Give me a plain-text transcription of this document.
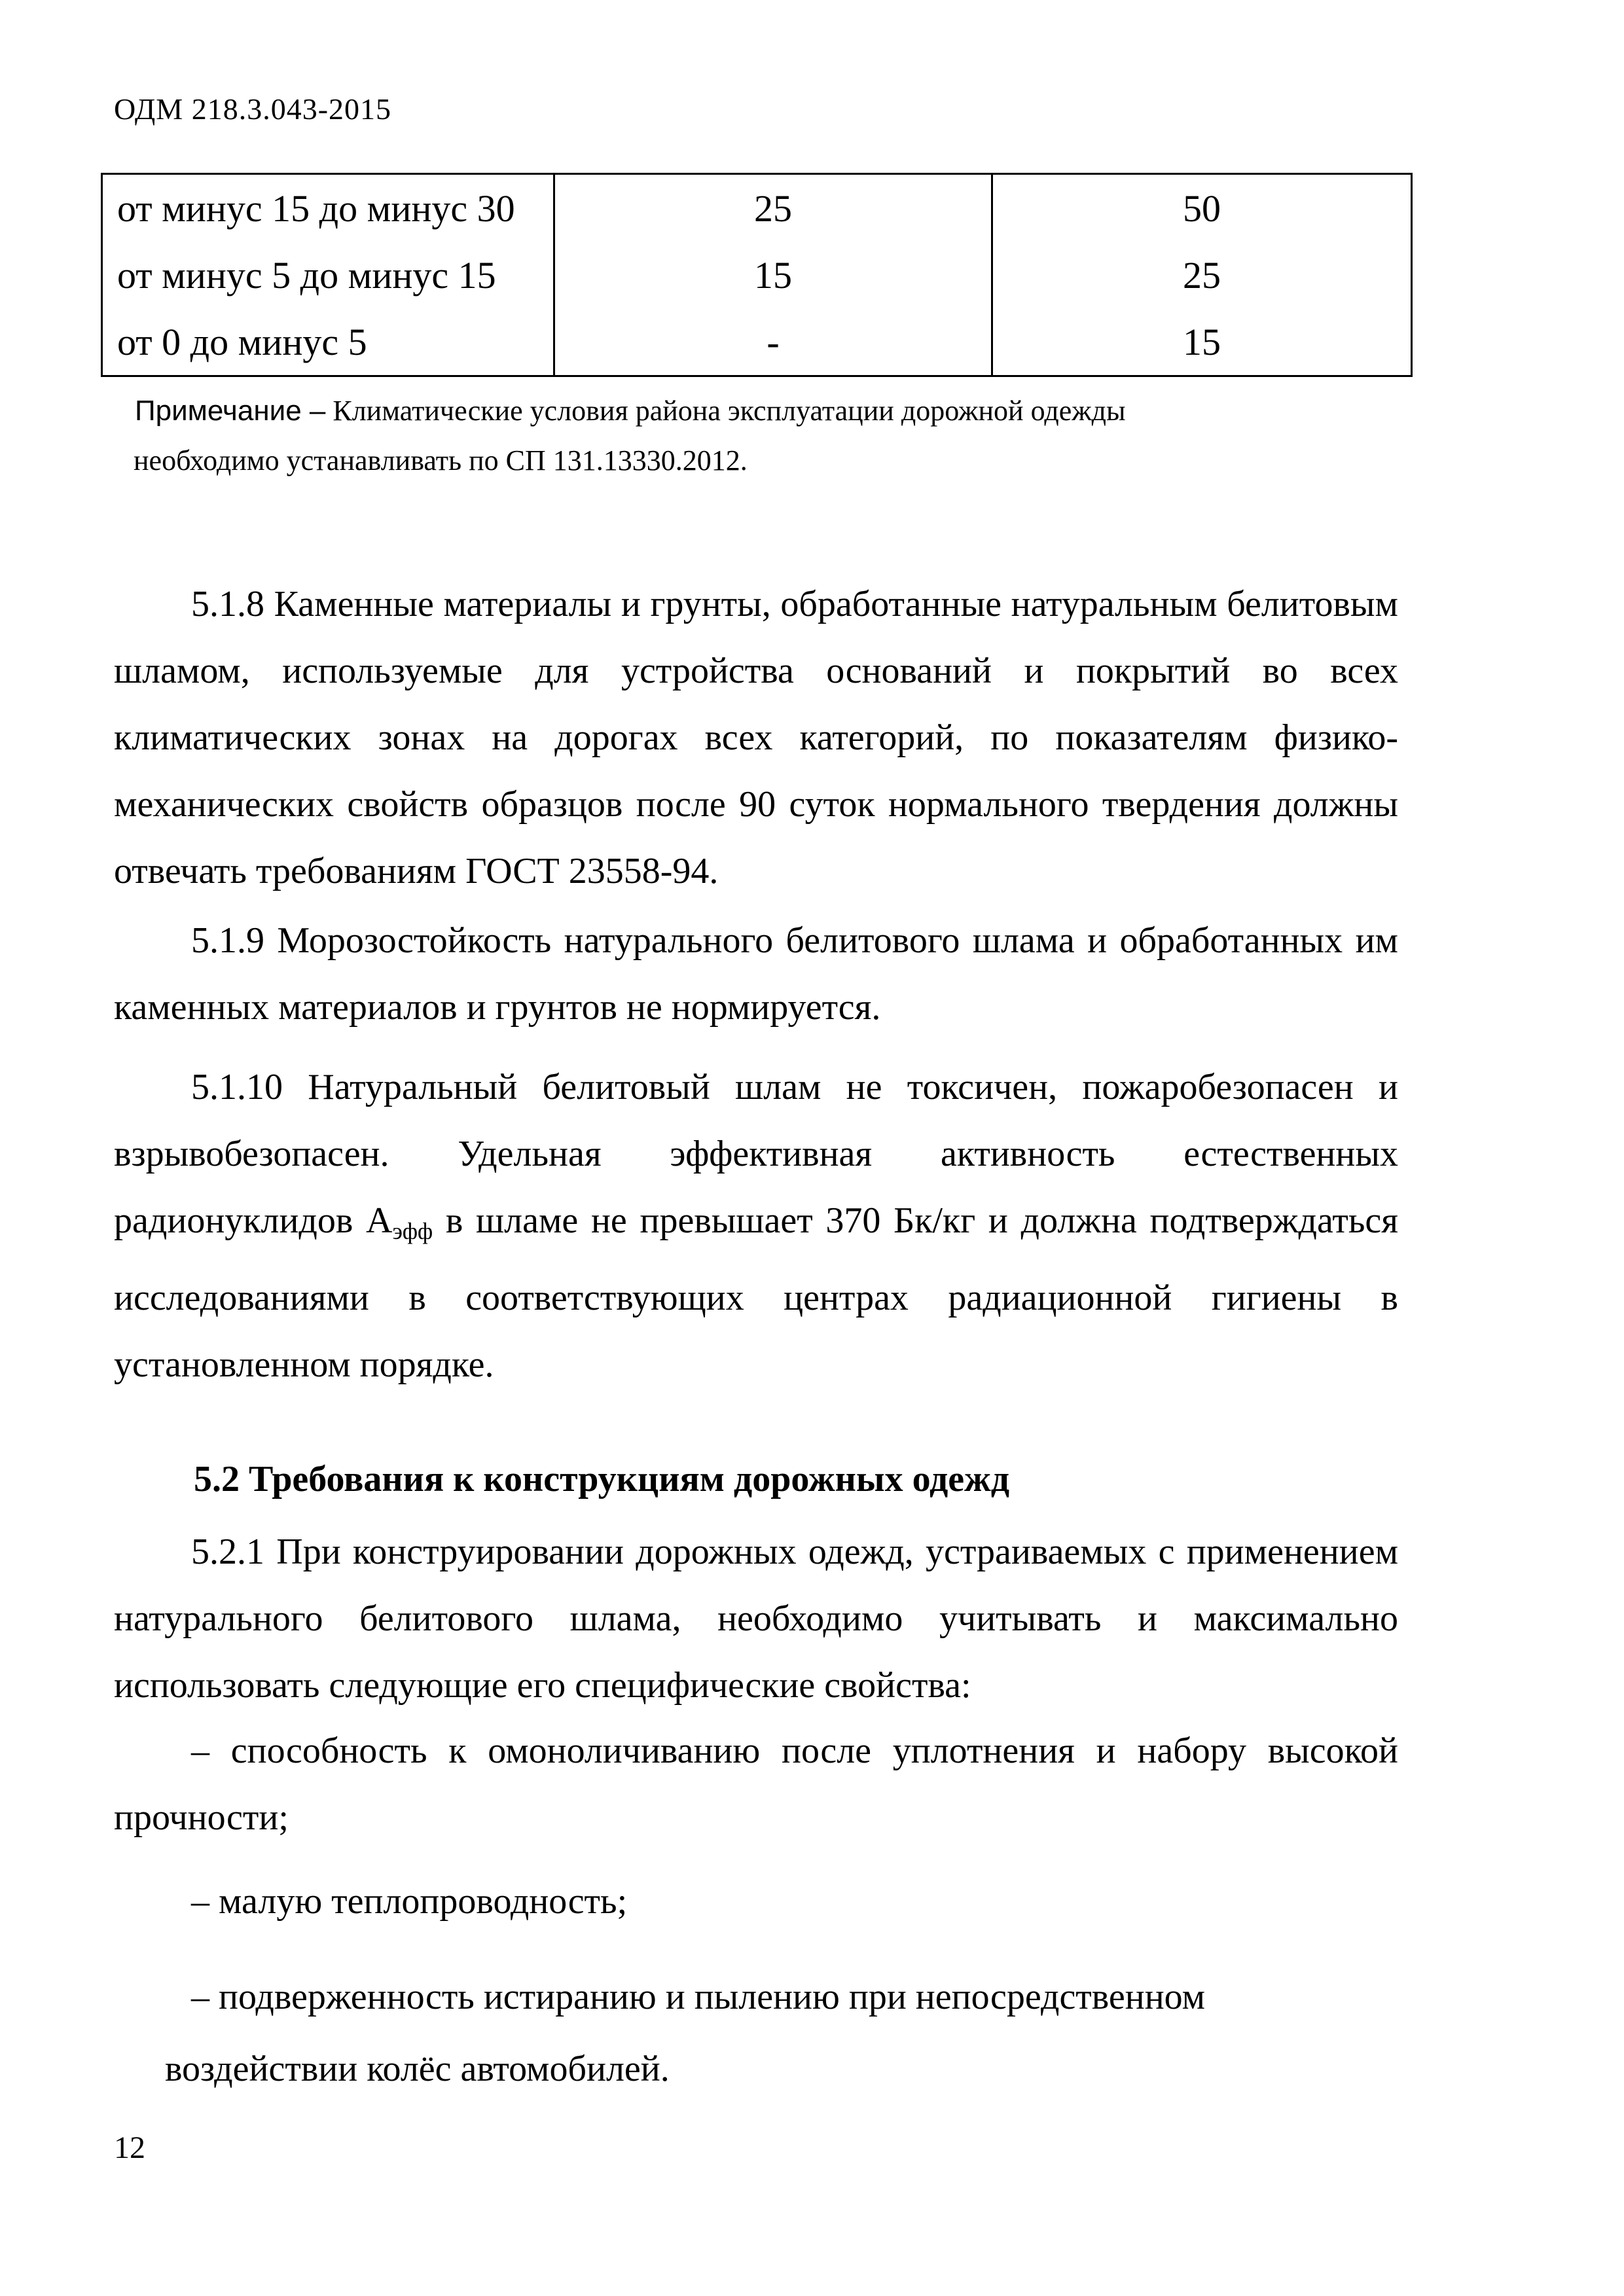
ОДМ 218.3.043-2015
от минус 15 до минус 30	25	50
от минус 5 до минус 15	15	25
от 0 до минус 5	-	15
Примечание – Климатические условия района эксплуатации дорожной одежды
необходимо устанавливать по СП 131.13330.2012.
5.1.8 Каменные материалы и грунты, обработанные натуральным белитовым шламом, используемые для устройства оснований и покрытий во всех климатических зонах на дорогах всех категорий, по показателям физико-механических свойств образцов после 90 суток нормального твердения должны отвечать требованиям ГОСТ 23558-94.
5.1.9 Морозостойкость натурального белитового шлама и обработанных им каменных материалов и грунтов не нормируется.
5.1.10 Натуральный белитовый шлам не токсичен, пожаробезопасен и взрывобезопасен. Удельная эффективная активность естественных радионуклидов $А_{эфф}$ в шламе не превышает 370 Бк/кг и должна подтверждаться исследованиями в соответствующих центрах радиационной гигиены в установленном порядке.
5.2 Требования к конструкциям дорожных одежд
5.2.1 При конструировании дорожных одежд, устраиваемых с применением натурального белитового шлама, необходимо учитывать и максимально использовать следующие его специфические свойства:
– способность к омоноличиванию после уплотнения и набору высокой прочности;
– малую теплопроводность;
– подверженность истиранию и пылению при непосредственном
воздействии колёс автомобилей.
12
